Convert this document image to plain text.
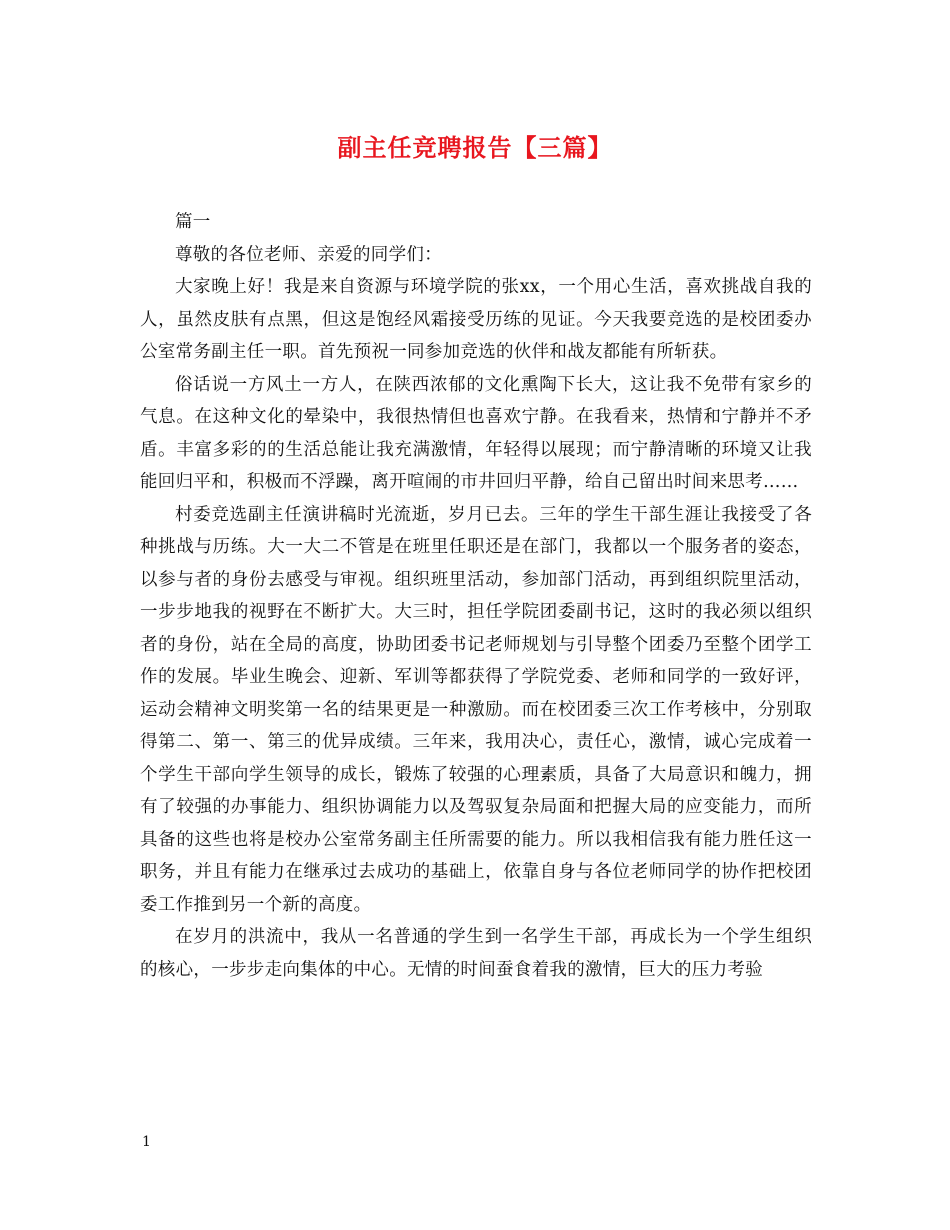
副主任竞聘报告【三篇】

篇一

尊敬的各位老师、亲爱的同学们：

大家晚上好！我是来自资源与环境学院的张xx，一个用心生活，喜欢挑战自我的人，虽然皮肤有点黑，但这是饱经风霜接受历练的见证。今天我要竞选的是校团委办公室常务副主任一职。首先预祝一同参加竞选的伙伴和战友都能有所斩获。

俗话说一方风土一方人，在陕西浓郁的文化熏陶下长大，这让我不免带有家乡的气息。在这种文化的晕染中，我很热情但也喜欢宁静。在我看来，热情和宁静并不矛盾。丰富多彩的的生活总能让我充满激情，年轻得以展现；而宁静清晰的环境又让我能回归平和，积极而不浮躁，离开喧闹的市井回归平静，给自己留出时间来思考……

村委竞选副主任演讲稿时光流逝，岁月已去。三年的学生干部生涯让我接受了各种挑战与历练。大一大二不管是在班里任职还是在部门，我都以一个服务者的姿态，以参与者的身份去感受与审视。组织班里活动，参加部门活动，再到组织院里活动，一步步地我的视野在不断扩大。大三时，担任学院团委副书记，这时的我必须以组织者的身份，站在全局的高度，协助团委书记老师规划与引导整个团委乃至整个团学工作的发展。毕业生晚会、迎新、军训等都获得了学院党委、老师和同学的一致好评，运动会精神文明奖第一名的结果更是一种激励。而在校团委三次工作考核中，分别取得第二、第一、第三的优异成绩。三年来，我用决心，责任心，激情，诚心完成着一个学生干部向学生领导的成长，锻炼了较强的心理素质，具备了大局意识和魄力，拥有了较强的办事能力、组织协调能力以及驾驭复杂局面和把握大局的应变能力，而所具备的这些也将是校办公室常务副主任所需要的能力。所以我相信我有能力胜任这一职务，并且有能力在继承过去成功的基础上，依靠自身与各位老师同学的协作把校团委工作推到另一个新的高度。

在岁月的洪流中，我从一名普通的学生到一名学生干部，再成长为一个学生组织的核心，一步步走向集体的中心。无情的时间蚕食着我的激情，巨大的压力考验

1
